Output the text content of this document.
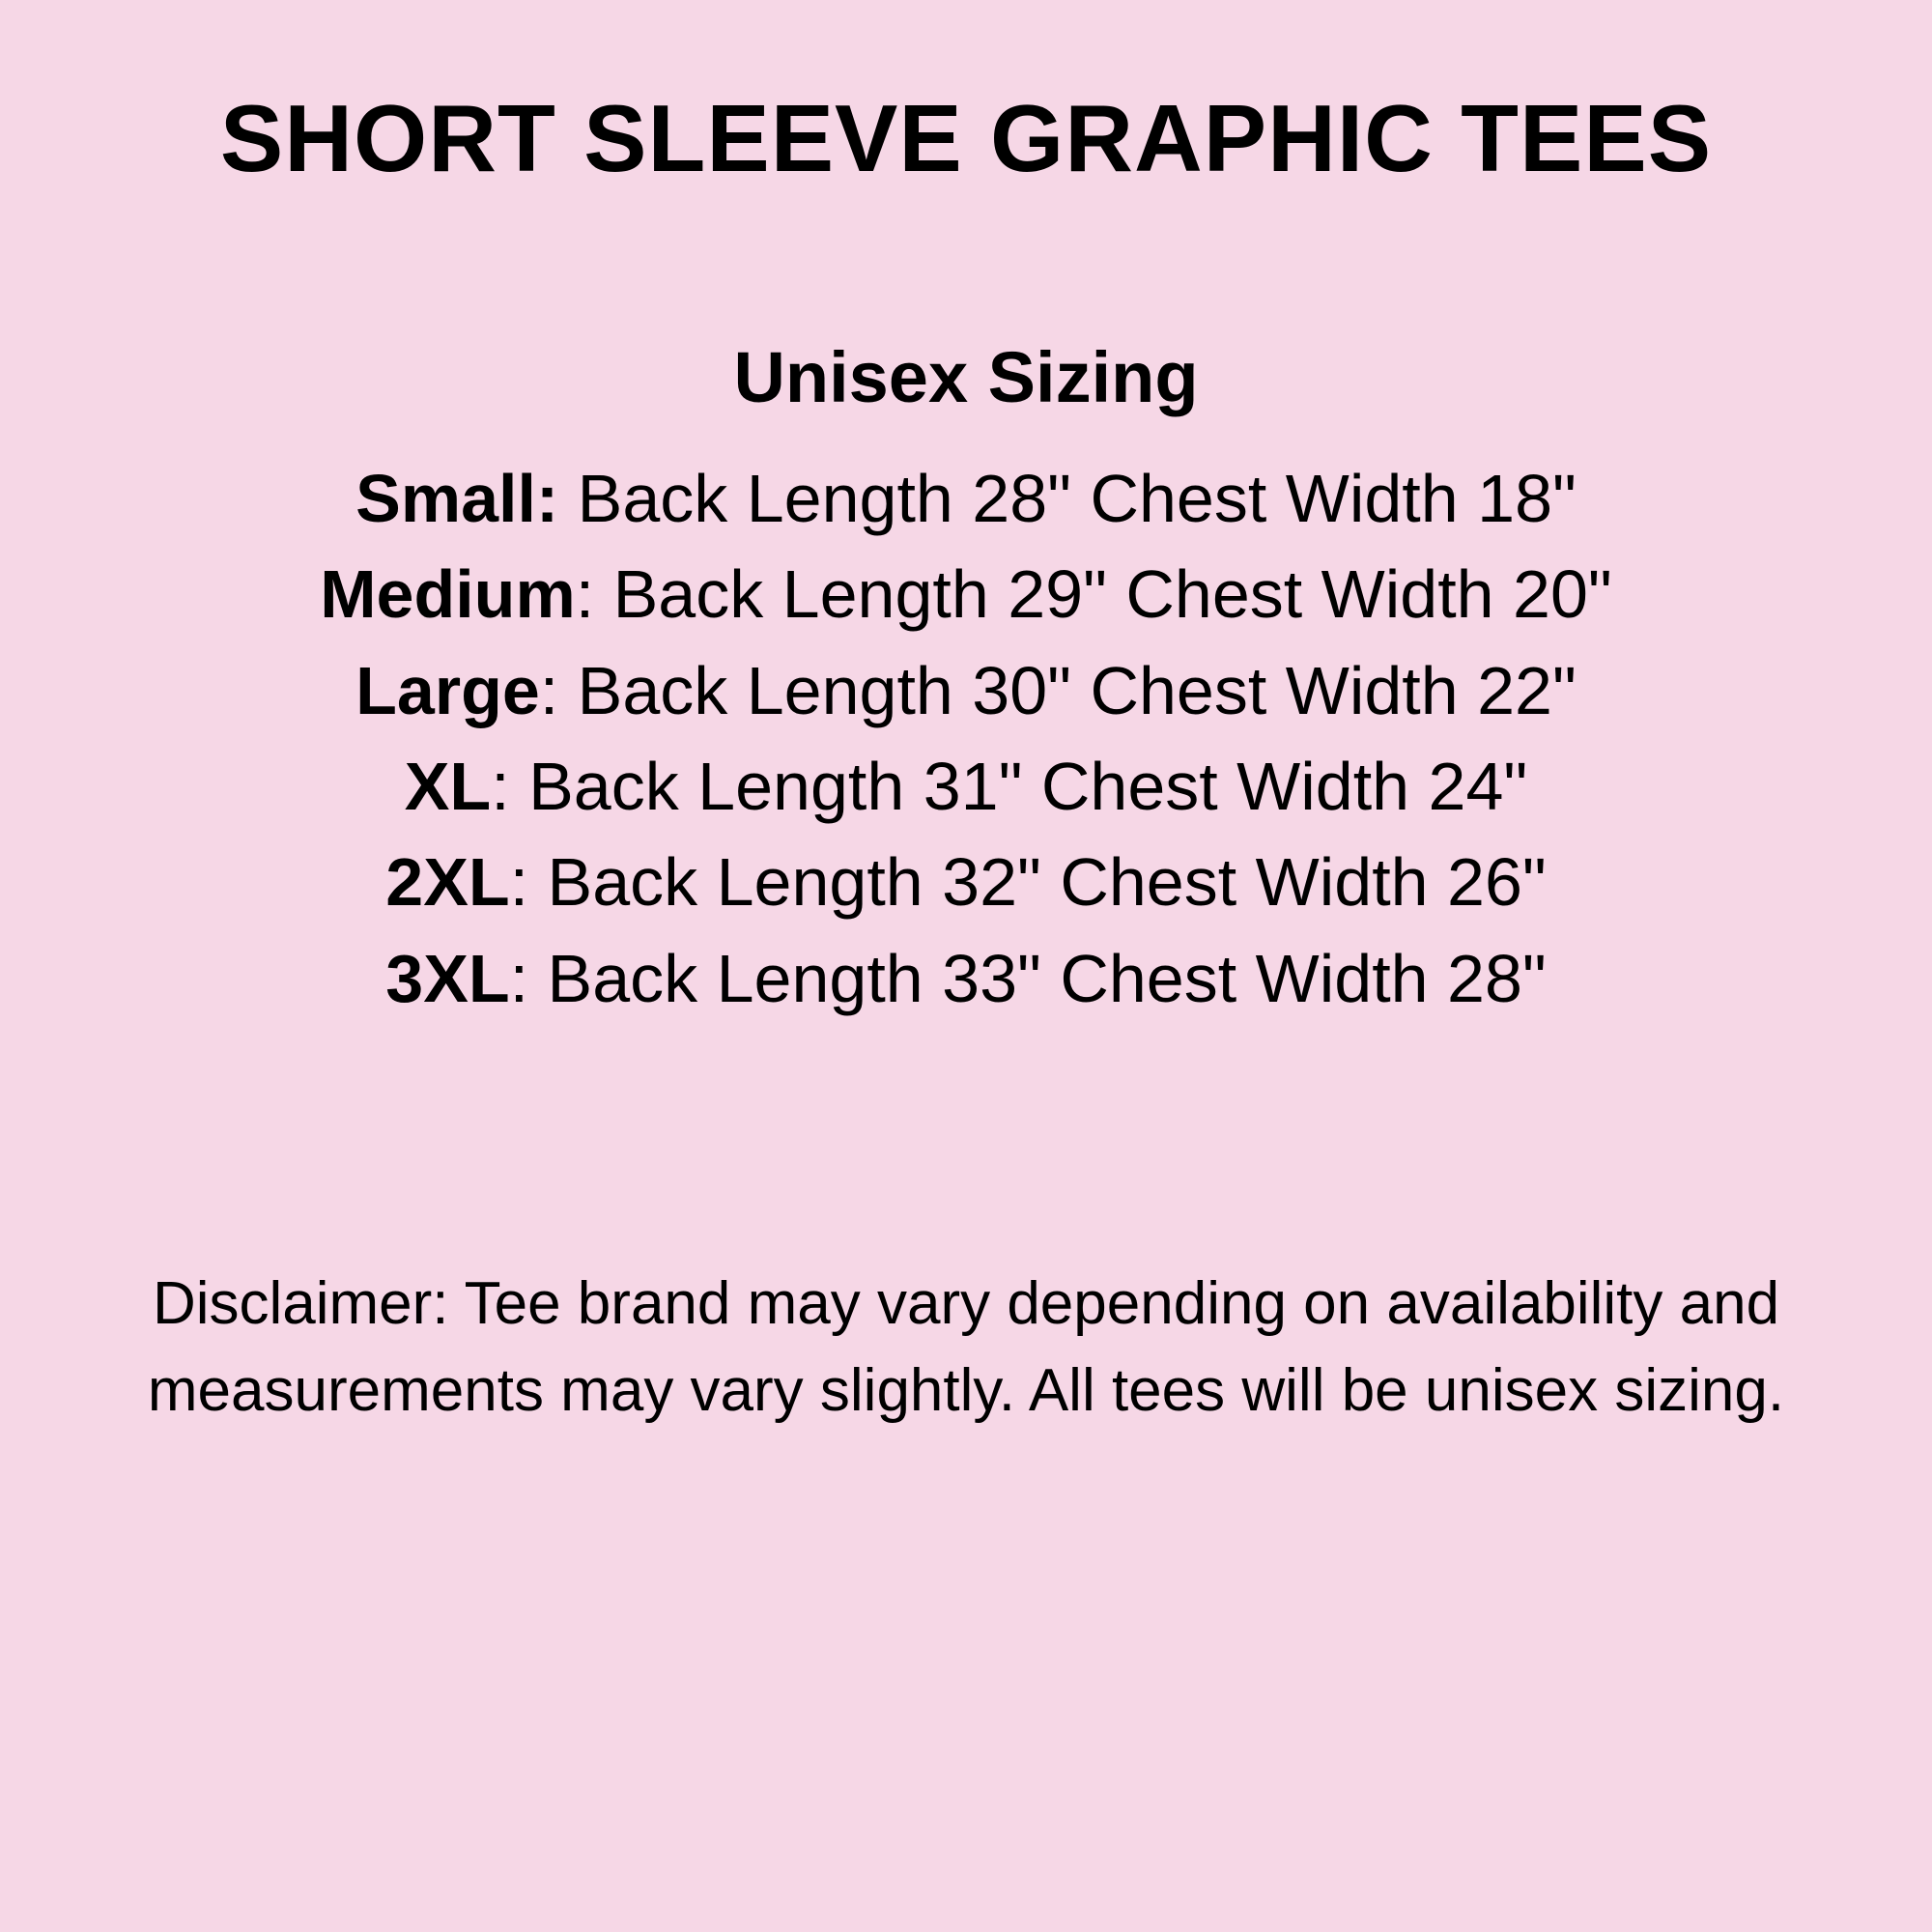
SHORT SLEEVE GRAPHIC TEES
Unisex Sizing
Small: Back Length 28" Chest Width 18"
Medium: Back Length 29" Chest Width 20"
Large: Back Length 30" Chest Width 22"
XL: Back Length 31" Chest Width 24"
2XL: Back Length 32" Chest Width 26"
3XL: Back Length 33" Chest Width 28"

Disclaimer: Tee brand may vary depending on availability and measurements may vary slightly. All tees will be unisex sizing.
